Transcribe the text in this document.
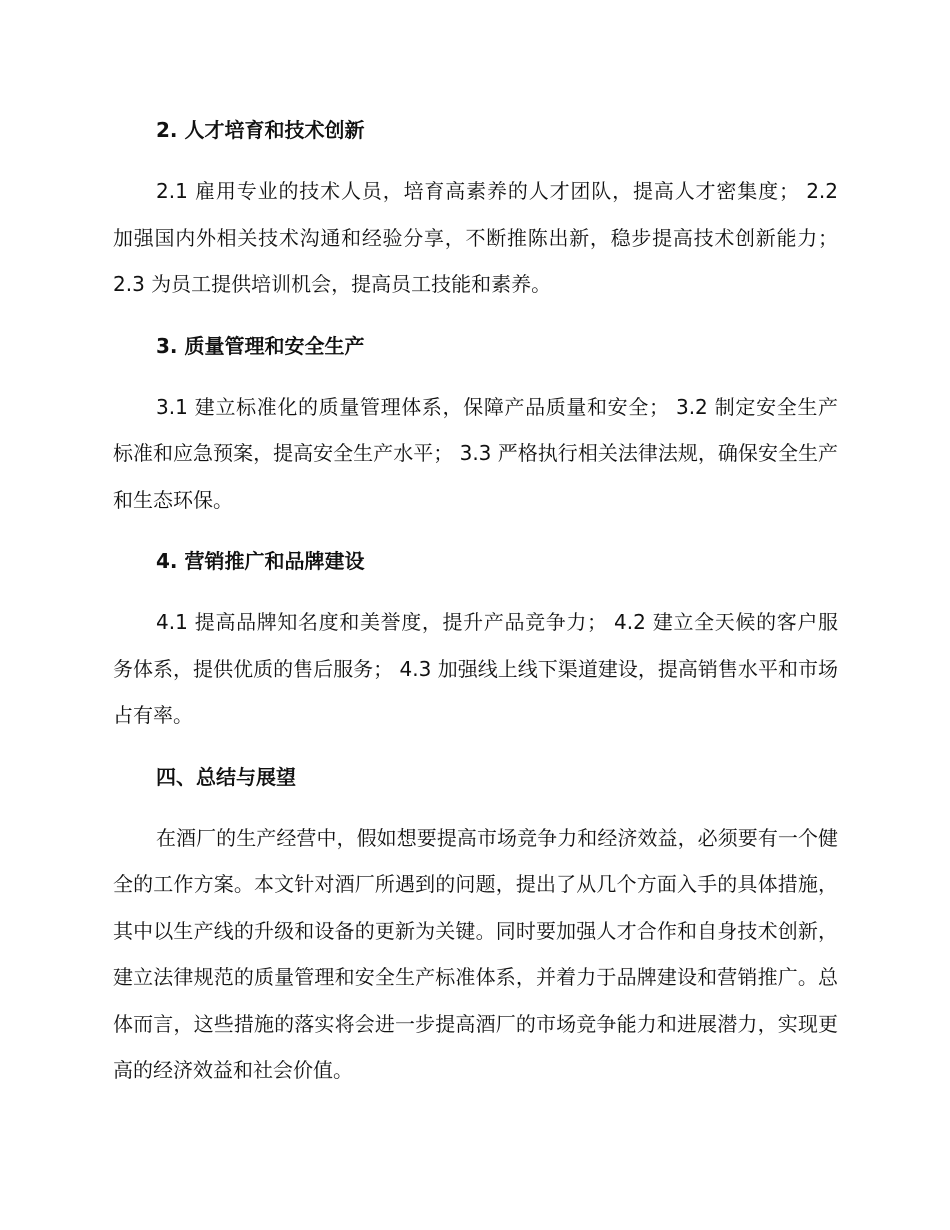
2. 人才培育和技术创新

2.1 雇用专业的技术人员，培育高素养的人才团队，提高人才密集度； 2.2 加强国内外相关技术沟通和经验分享，不断推陈出新，稳步提高技术创新能力； 2.3 为员工提供培训机会，提高员工技能和素养。

3. 质量管理和安全生产

3.1 建立标准化的质量管理体系，保障产品质量和安全； 3.2 制定安全生产标准和应急预案，提高安全生产水平； 3.3 严格执行相关法律法规，确保安全生产和生态环保。

4. 营销推广和品牌建设

4.1 提高品牌知名度和美誉度，提升产品竞争力； 4.2 建立全天候的客户服务体系，提供优质的售后服务； 4.3 加强线上线下渠道建设，提高销售水平和市场占有率。

四、总结与展望

在酒厂的生产经营中，假如想要提高市场竞争力和经济效益，必须要有一个健全的工作方案。本文针对酒厂所遇到的问题，提出了从几个方面入手的具体措施，其中以生产线的升级和设备的更新为关键。同时要加强人才合作和自身技术创新，建立法律规范的质量管理和安全生产标准体系，并着力于品牌建设和营销推广。总体而言，这些措施的落实将会进一步提高酒厂的市场竞争能力和进展潜力，实现更高的经济效益和社会价值。
